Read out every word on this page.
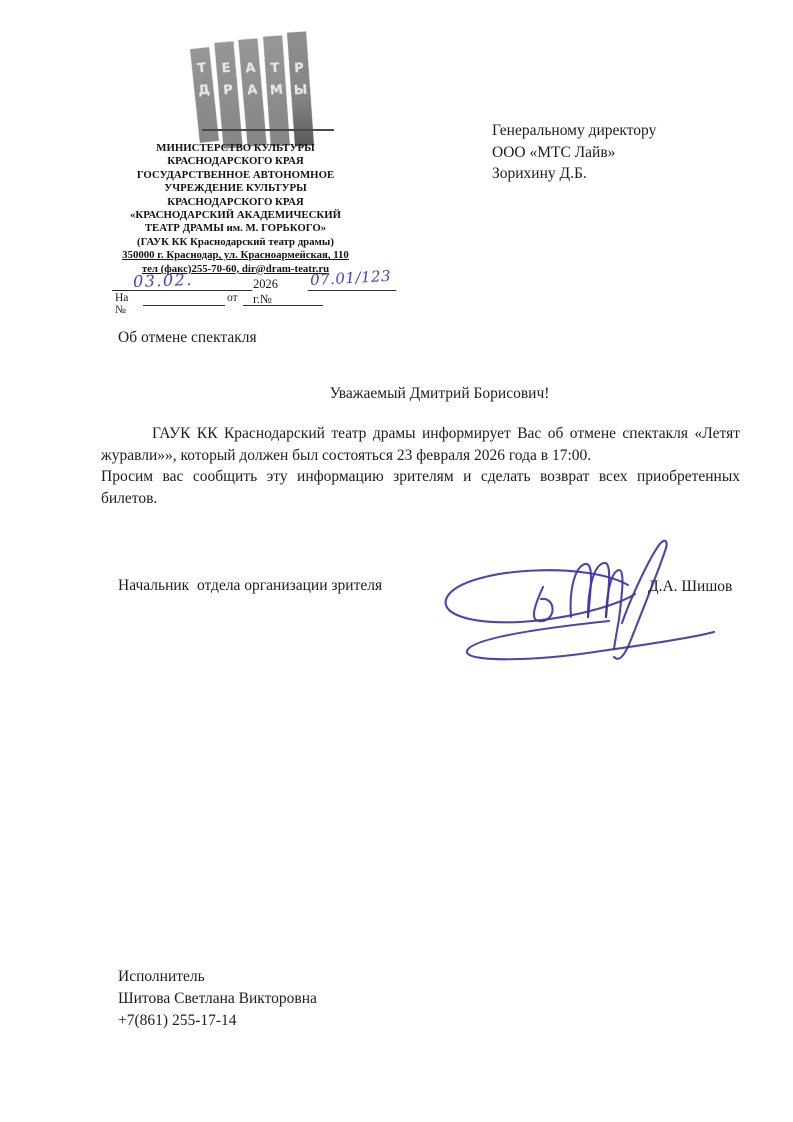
Т
Д
Е
Р
А
А
Т
М
Р
Ы
МИНИСТЕРСТВО КУЛЬТУРЫ
КРАСНОДАРСКОГО КРАЯ
ГОСУДАРСТВЕННОЕ АВТОНОМНОЕ
УЧРЕЖДЕНИЕ КУЛЬТУРЫ
КРАСНОДАРСКОГО КРАЯ
«КРАСНОДАРСКИЙ АКАДЕМИЧЕСКИЙ
ТЕАТР ДРАМЫ им. М. ГОРЬКОГО»
(ГАУК КК Краснодарский театр драмы)
350000 г. Краснодар, ул. Красноармейская, 110
тел (факс)255-70-60, dir@dram-teatr.ru
Генеральному директору
ООО «МТС Лайв»
Зорихину Д.Б.
03.02.	2026 г.№
07.01/123
На №
от
Об отмене спектакля
Уважаемый Дмитрий Борисович!

ГАУК КК Краснодарский театр драмы информирует Вас об отмене спектакля «Летят журавли»», который должен был состояться 23 февраля 2026 года в 17:00.

Просим вас сообщить эту информацию зрителям и сделать возврат всех приобретенных билетов.

Начальник  отдела организации зрителя	Д.А. Шишов
Исполнитель
Шитова Светлана Викторовна
+7(861) 255-17-14
